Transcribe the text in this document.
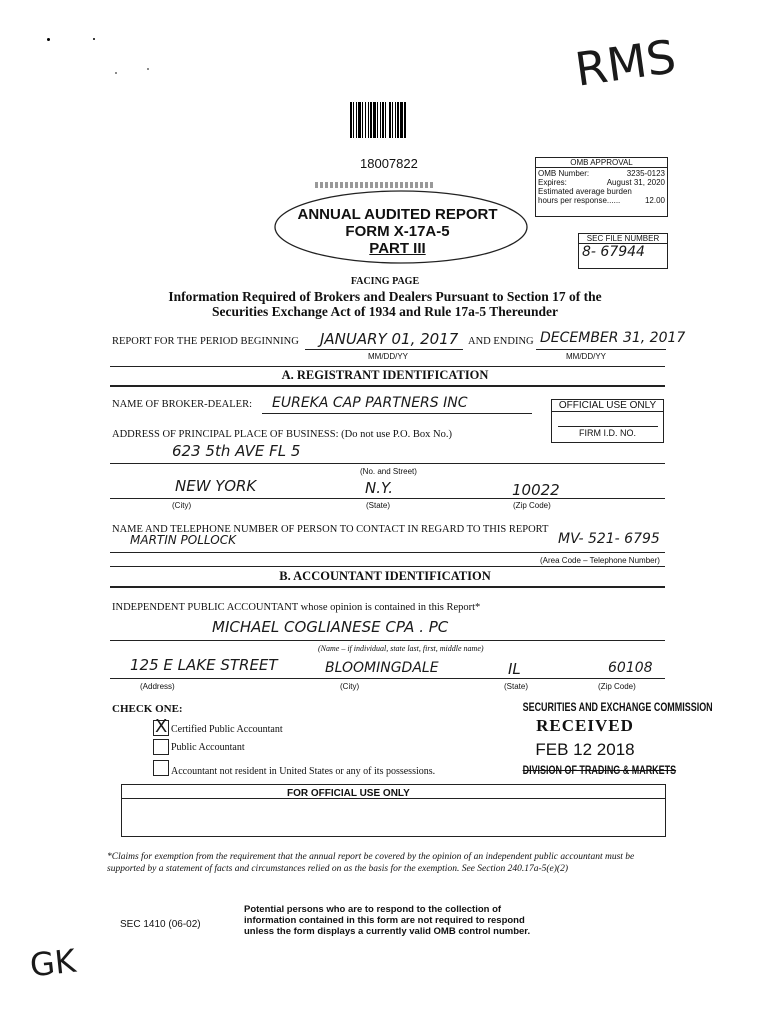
RMS
18007822
ANNUAL AUDITED REPORT
FORM X-17A-5
PART III
OMB APPROVAL
OMB Number:	3235-0123
Expires:	August 31, 2020
Estimated average burden
hours per response......	12.00
SEC FILE NUMBER
8- 67944
FACING PAGE
Information Required of Brokers and Dealers Pursuant to Section 17 of the
Securities Exchange Act of 1934 and Rule 17a-5 Thereunder
REPORT FOR THE PERIOD BEGINNING JANUARY 01, 2017 AND ENDING DECEMBER 31, 2017
MM/DD/YY	MM/DD/YY
A. REGISTRANT IDENTIFICATION
NAME OF BROKER-DEALER: EUREKA CAP PARTNERS INC	OFFICIAL USE ONLY
FIRM I.D. NO.
ADDRESS OF PRINCIPAL PLACE OF BUSINESS: (Do not use P.O. Box No.)
623 5th AVE FL 5
(No. and Street)
NEW YORK	N.Y.	10022
(City)	(State)	(Zip Code)
NAME AND TELEPHONE NUMBER OF PERSON TO CONTACT IN REGARD TO THIS REPORT
MARTIN POLLOCK	MV- 521- 6795
(Area Code – Telephone Number)
B. ACCOUNTANT IDENTIFICATION
INDEPENDENT PUBLIC ACCOUNTANT whose opinion is contained in this Report*
MICHAEL COGLIANESE CPA . PC
(Name – if individual, state last, first, middle name)
125 E LAKE STREET	BLOOMINGDALE	IL	60108
(Address)	(City)	(State)	(Zip Code)
CHECK ONE:
X Certified Public Accountant
Public Accountant
Accountant not resident in United States or any of its possessions.
SECURITIES AND EXCHANGE COMMISSION
RECEIVED
FEB 12 2018
DIVISION OF TRADING & MARKETS
FOR OFFICIAL USE ONLY
*Claims for exemption from the requirement that the annual report be covered by the opinion of an independent public accountant must be supported by a statement of facts and circumstances relied on as the basis for the exemption. See Section 240.17a-5(e)(2)
SEC 1410 (06-02)
Potential persons who are to respond to the collection of
information contained in this form are not required to respond
unless the form displays a currently valid OMB control number.
GK
